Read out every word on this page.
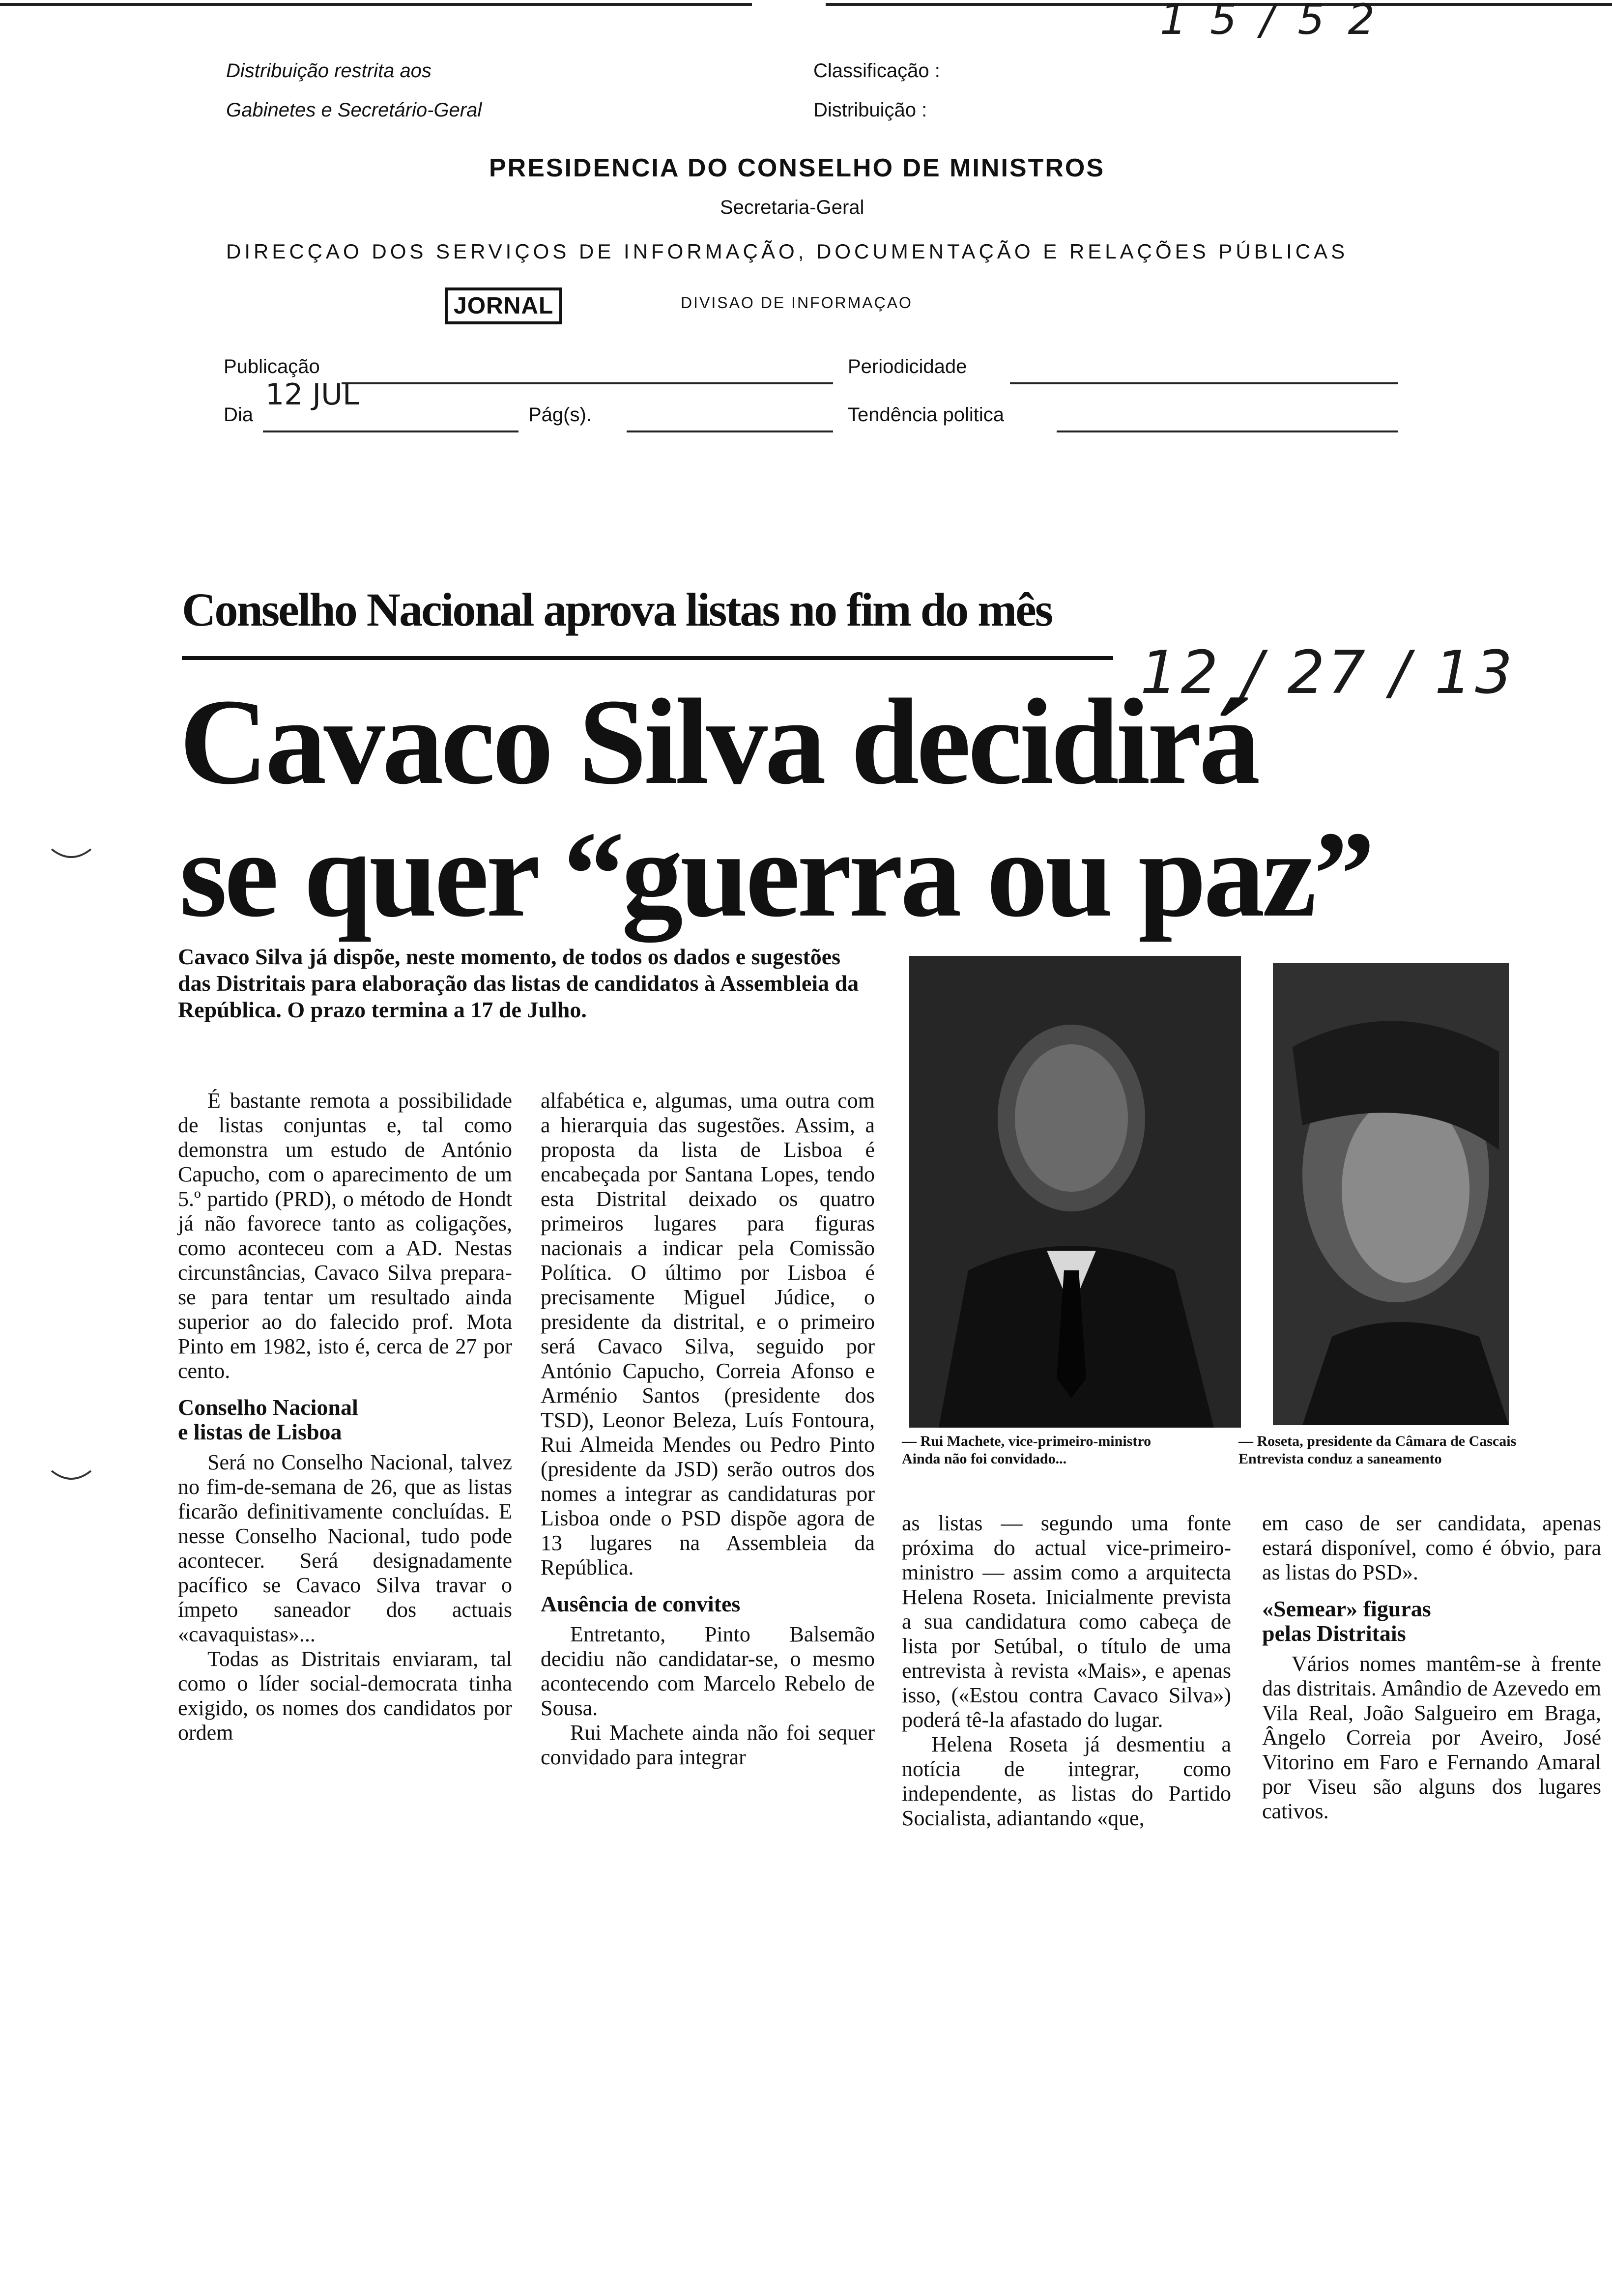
1 5 / 5 2
Distribuição restrita aos
Gabinetes e Secretário-Geral
Classificação :
Distribuição :
PRESIDENCIA DO CONSELHO DE MINISTROS
Secretaria-Geral
DIRECÇAO DOS SERVIÇOS DE INFORMAÇÃO, DOCUMENTAÇÃO E RELAÇÕES PÚBLICAS
JORNAL	DIVISAO DE INFORMAÇAO
Publicação	Periodicidade
12 JUL
Dia	Pág(s).	Tendência politica
Conselho Nacional aprova listas no fim do mês
12 / 27 / 13
Cavaco Silva decidirá
se quer “guerra ou paz”
Cavaco Silva já dispõe, neste momento, de todos os dados e sugestões das Distritais para elaboração das listas de candidatos à Assembleia da República. O prazo termina a 17 de Julho.

É bastante remota a possibilidade de listas conjuntas e, tal como demonstra um estudo de António Capucho, com o aparecimento de um 5.º partido (PRD), o método de Hondt já não favorece tanto as coligações, como aconteceu com a AD. Nestas circunstâncias, Cavaco Silva prepara-se para tentar um resultado ainda superior ao do falecido prof. Mota Pinto em 1982, isto é, cerca de 27 por cento.

Conselho Nacional
e listas de Lisboa

Será no Conselho Nacional, talvez no fim-de-semana de 26, que as listas ficarão definitivamente concluídas. E nesse Conselho Nacional, tudo pode acontecer. Será designadamente pacífico se Cavaco Silva travar o ímpeto saneador dos actuais «cavaquistas»...

Todas as Distritais enviaram, tal como o líder social-democrata tinha exigido, os nomes dos candidatos por ordem

alfabética e, algumas, uma outra com a hierarquia das sugestões. Assim, a proposta da lista de Lisboa é encabeçada por Santana Lopes, tendo esta Distrital deixado os quatro primeiros lugares para figuras nacionais a indicar pela Comissão Política. O último por Lisboa é precisamente Miguel Júdice, o presidente da distrital, e o primeiro será Cavaco Silva, seguido por António Capucho, Correia Afonso e Arménio Santos (presidente dos TSD), Leonor Beleza, Luís Fontoura, Rui Almeida Mendes ou Pedro Pinto (presidente da JSD) serão outros dos nomes a integrar as candidaturas por Lisboa onde o PSD dispõe agora de 13 lugares na Assembleia da República.

Ausência de convites

Entretanto, Pinto Balsemão decidiu não candidatar-se, o mesmo acontecendo com Marcelo Rebelo de Sousa.

Rui Machete ainda não foi sequer convidado para integrar

— Rui Machete, vice-primeiro-ministro
Ainda não foi convidado...
— Roseta, presidente da Câmara de Cascais
Entrevista conduz a saneamento

as listas — segundo uma fonte próxima do actual vice-primeiro-ministro — assim como a arquitecta Helena Roseta. Inicialmente prevista a sua candidatura como cabeça de lista por Setúbal, o título de uma entrevista à revista «Mais», e apenas isso, («Estou contra Cavaco Silva») poderá tê-la afastado do lugar.

Helena Roseta já desmentiu a notícia de integrar, como independente, as listas do Partido Socialista, adiantando «que,

em caso de ser candidata, apenas estará disponível, como é óbvio, para as listas do PSD».

«Semear» figuras
pelas Distritais

Vários nomes mantêm-se à frente das distritais. Amândio de Azevedo em Vila Real, João Salgueiro em Braga, Ângelo Correia por Aveiro, José Vitorino em Faro e Fernando Amaral por Viseu são alguns dos lugares cativos.
